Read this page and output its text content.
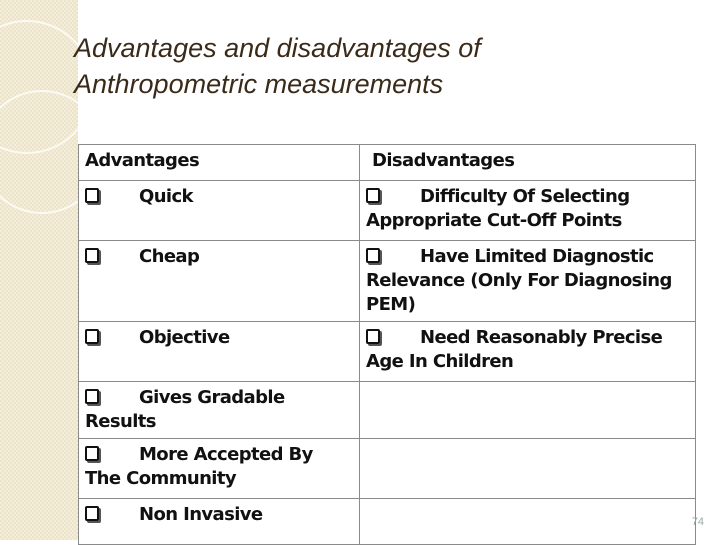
Advantages and disadvantages of
Anthropometric measurements
Advantages	Disadvantages
Quick	Difficulty Of Selecting Appropriate Cut-Off Points
Cheap	Have Limited Diagnostic Relevance (Only For Diagnosing PEM)
Objective	Need Reasonably Precise Age In Children
Gives Gradable Results	
More Accepted By The Community	
Non Invasive		74
